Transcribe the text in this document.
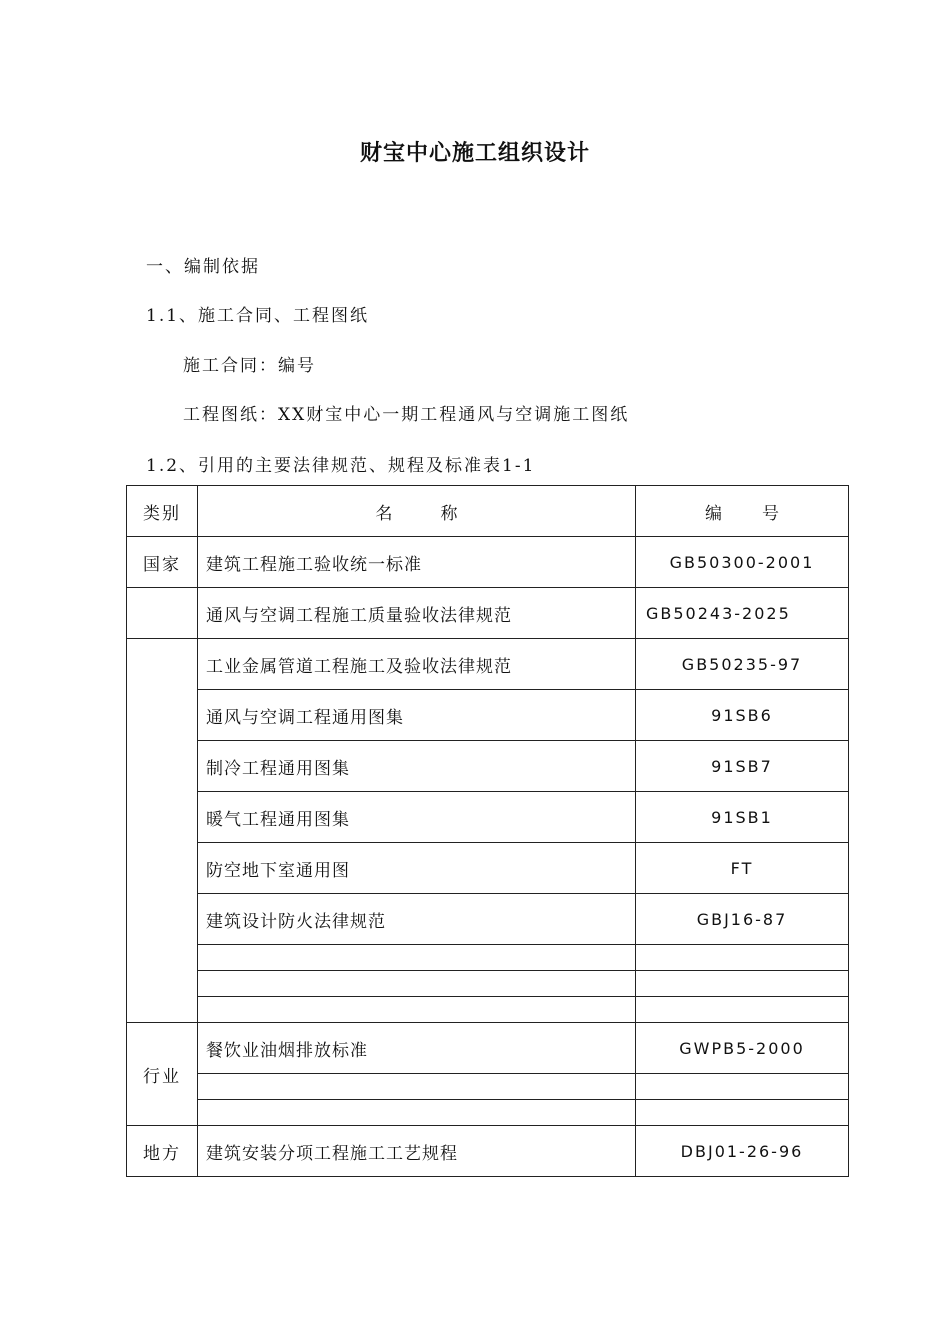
财宝中心施工组织设计
一、编制依据
1.1、施工合同、工程图纸
施工合同：编号
工程图纸：XX财宝中心一期工程通风与空调施工图纸
1.2、引用的主要法律规范、规程及标准表1-1
类别	名 称	编 号
国家	建筑工程施工验收统一标准	GB50300-2001
	通风与空调工程施工质量验收法律规范	GB50243-2025
	工业金属管道工程施工及验收法律规范	GB50235-97
	通风与空调工程通用图集	91SB6
	制冷工程通用图集	91SB7
	暖气工程通用图集	91SB1
	防空地下室通用图	FT
	建筑设计防火法律规范	GBJ16-87

行业	餐饮业油烟排放标准	GWPB5-2000

地方	建筑安装分项工程施工工艺规程	DBJ01-26-96
